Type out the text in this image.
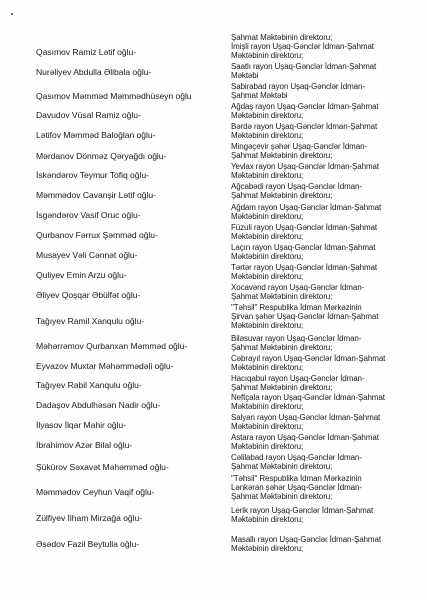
Şahmat Məktəbinin direktoru;
Qasımov Ramiz Lətif oğlu-
İmişli rayon Uşaq-Gənclər İdman-Şahmat
Məktəbinin direktoru;
Nurəliyev Abdulla Əlibala oğlu-
Saatlı rayon Uşaq-Gənclər İdman-Şahmat
Məktəbi
Qasımov Məmməd Məmmədhüseyn oğlu
Sabirabad rayon Uşaq-Gənclər İdman-
Şahmat Məktəbi
Davudov Vüsal Ramiz oğlu-
Ağdaş rayon Uşaq-Gənclər İdman-Şahmat
Məktəbinin direktoru;
Lətifov Məmməd Baloğlan oğlu-
Bərdə rayon Uşaq-Gənclər İdman-Şahmat
Məktəbinin direktoru;
Mərdanov Dönməz Qəryağdı oğlu-
Mingəçevir şəhər Uşaq-Gənclər İdman-
Şahmat Məktəbinin direktoru;
İskəndərov Teymur Tofiq oğlu-
Yevlax rayon Uşaq-Gənclər İdman-Şahmat
Məktəbinin direktoru;
Məmmədov Cavanşir Lətif oğlu-
Ağcabədi rayon Uşaq-Gənclər İdman-
Şahmat Məktəbinin direktoru;
İsgəndərov Vasif Oruc oğlu-
Ağdam rayon Uşaq-Gənclər İdman-Şahmat
Məktəbinin direktoru;
Qurbanov Fərrux Şəmməd oğlu-
Füzuli rayon Uşaq-Gənclər İdman-Şahmat
Məktəbinin direktoru;
Musayev Vəli Cənnət oğlu-
Laçın rayon Uşaq-Gənclər İdman-Şahmat
Məktəbinin direktoru;
Quliyev Emin Arzu oğlu-
Tərtər rayon Uşaq-Gənclər İdman-Şahmat
Məktəbinin direktoru;
Əliyev Qoşqar Əbülfət oğlu-
Xocavənd rayon Uşaq-Gənclər İdman-
Şahmat Məktəbinin direktoru;
Tağıyev Ramil Xanqulu oğlu-
"Təhsil" Respublika İdman Mərkəzinin
Şirvan şəhər Uşaq-Gənclər İdman-Şahmat
Məktəbinin direktoru;
Məhərrəmov Qurbanxan Məmməd oğlu-
Biləsuvar rayon Uşaq-Gənclər İdman-
Şahmat Məktəbinin direktoru;
Eyvazov Muxtar Məhəmmədəli oğlu-
Cəbrayıl rayon Uşaq-Gənclər İdman-Şahmat
Məktəbinin direktoru;
Tağıyev Rabil Xanqulu oğlu-
Hacıqabul rayon Uşaq-Gənclər İdman-
Şahmat Məktəbinin direktoru;
Dadaşov Abdulhəsən Nadir oğlu-
Neftçala rayon Uşaq-Gənclər İdman-Şahmat
Məktəbinin direktoru;
İlyasov İlqar Mahir oğlu-
Salyan rayon Uşaq-Gənclər İdman-Şahmat
Məktəbinin direktoru;
İbrahimov Azər Bilal oğlu-
Astara rayon Uşaq-Gənclər İdman-Şahmat
Məktəbinin direktoru;
Şükürov Səxavət Məhəmməd oğlu-
Cəlilabad rayon Uşaq-Gənclər İdman-
Şahmat Məktəbinin direktoru;
Məmmədov Ceyhun Vaqif oğlu-
"Təhsil" Respublika İdman Mərkəzinin
Lənkəran şəhər Uşaq-Gənclər İdman-
Şahmat Məktəbinin direktoru;
Zülfiyev İlham Mirzağa oğlu-
Lerik rayon Uşaq-Gənclər İdman-Şahmat
Məktəbinin direktoru;
Əsədov Fazil Beytulla oğlu-	Masallı rayon Uşaq-Gənclər İdman-Şahmat
Məktəbinin direktoru;
